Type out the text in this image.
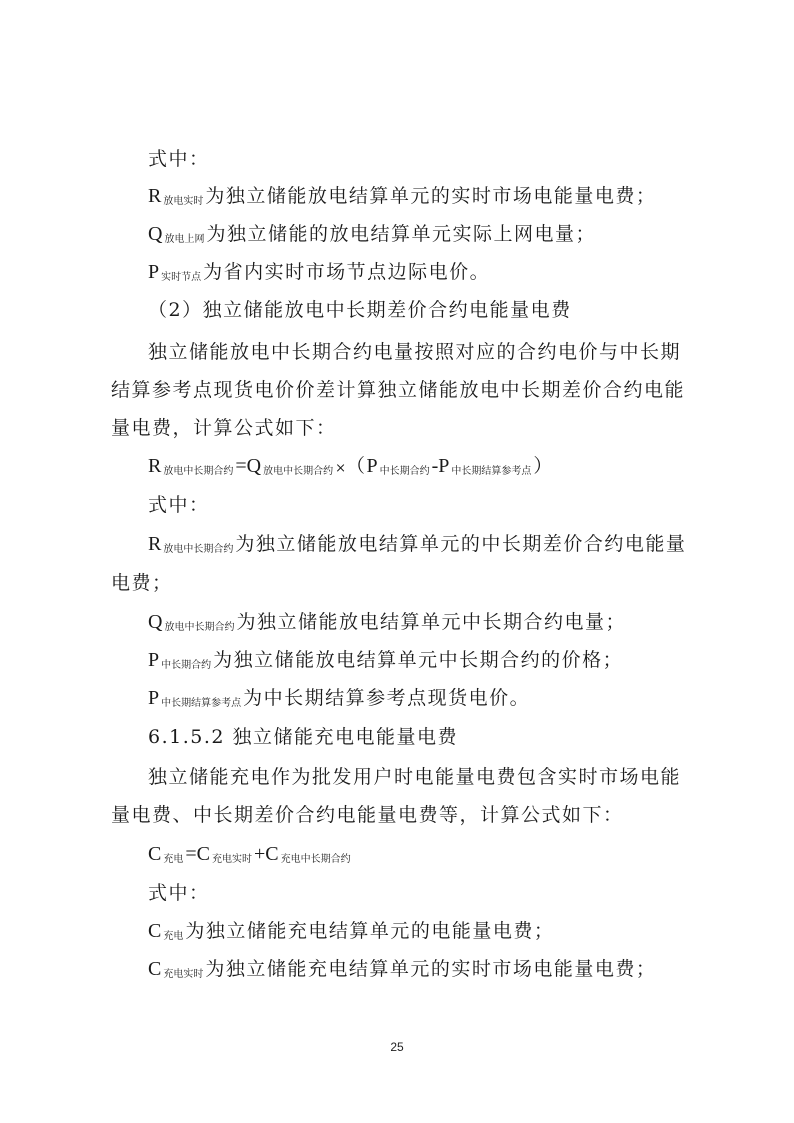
式中：
R $_{放电实时}$ 为独立储能放电结算单元的实时市场电能量电费；
Q $_{放电上网}$ 为独立储能的放电结算单元实际上网电量；
P $_{实时节点}$ 为省内实时市场节点边际电价。
（2）独立储能放电中长期差价合约电能量电费
独立储能放电中长期合约电量按照对应的合约电价与中长期
结算参考点现货电价价差计算独立储能放电中长期差价合约电能
量电费，计算公式如下：
R $_{放电中长期合约}$ =Q $_{放电中长期合约}$ ×（P $_{中长期合约}$ -P $_{中长期结算参考点}$ ）
式中：
R $_{放电中长期合约}$ 为独立储能放电结算单元的中长期差价合约电能量
电费；
Q $_{放电中长期合约}$ 为独立储能放电结算单元中长期合约电量；
P $_{中长期合约}$ 为独立储能放电结算单元中长期合约的价格；
P $_{中长期结算参考点}$ 为中长期结算参考点现货电价。
6.1.5.2 独立储能充电电能量电费
独立储能充电作为批发用户时电能量电费包含实时市场电能
量电费、中长期差价合约电能量电费等，计算公式如下：
C $_{充电}$ =C $_{充电实时}$ +C $_{充电中长期合约}$
式中：
C $_{充电}$ 为独立储能充电结算单元的电能量电费；
C $_{充电实时}$ 为独立储能充电结算单元的实时市场电能量电费；
25
